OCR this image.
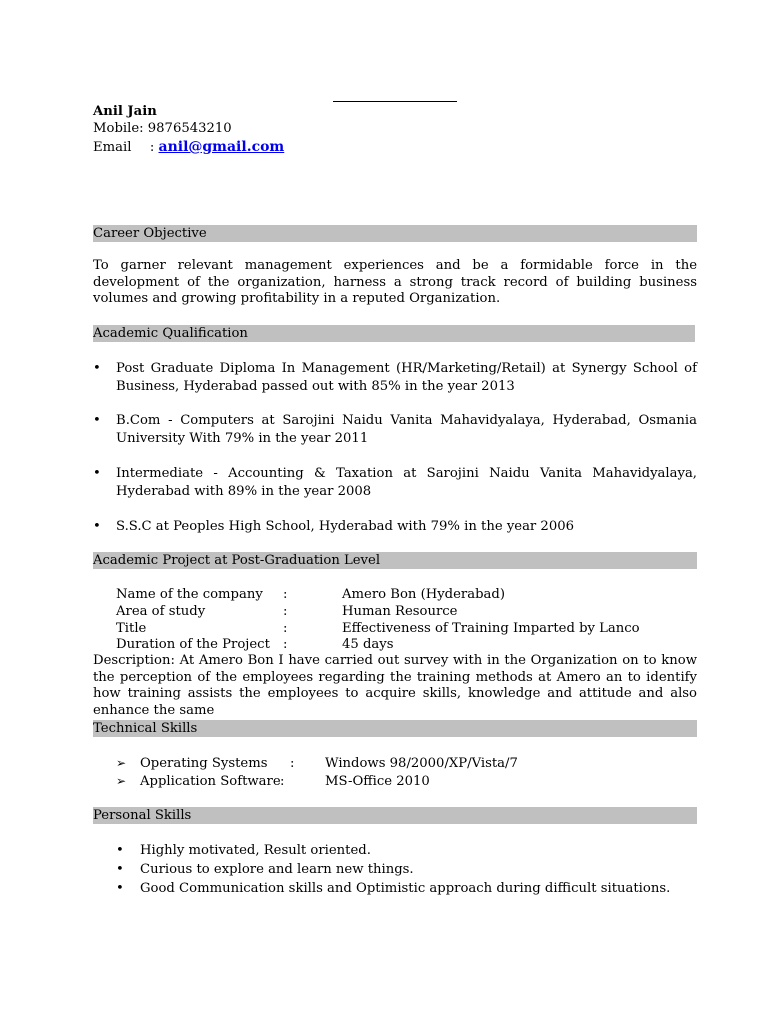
Anil Jain
Mobile: 9876543210
Email : anil@gmail.com
Career Objective
To garner relevant management experiences and be a formidable force in the development of the organization, harness a strong track record of building business volumes and growing profitability in a reputed Organization.
Academic Qualification
•	Post Graduate Diploma In Management (HR/Marketing/Retail) at Synergy School of Business, Hyderabad passed out with 85% in the year 2013
•	B.Com - Computers at Sarojini Naidu Vanita Mahavidyalaya, Hyderabad, Osmania University With 79% in the year 2011
•	Intermediate - Accounting & Taxation at Sarojini Naidu Vanita Mahavidyalaya, Hyderabad with 89% in the year 2008
•	S.S.C at Peoples High School, Hyderabad with 79% in the year 2006
Academic Project at Post-Graduation Level
Name of the company :	Amero Bon (Hyderabad)
Area of study	:	Human Resource
Title	:	Effectiveness of Training Imparted by Lanco
Duration of the Project :	45 days
Description: At Amero Bon I have carried out survey with in the Organization on to know the perception of the employees regarding the training methods at Amero an to identify how training assists the employees to acquire skills, knowledge and attitude and also enhance the same
Technical Skills
➢ Operating Systems : Windows 98/2000/XP/Vista/7
➢ Application Software :	MS-Office 2010
Personal Skills
• Highly motivated, Result oriented.
• Curious to explore and learn new things.
• Good Communication skills and Optimistic approach during difficult situations.
